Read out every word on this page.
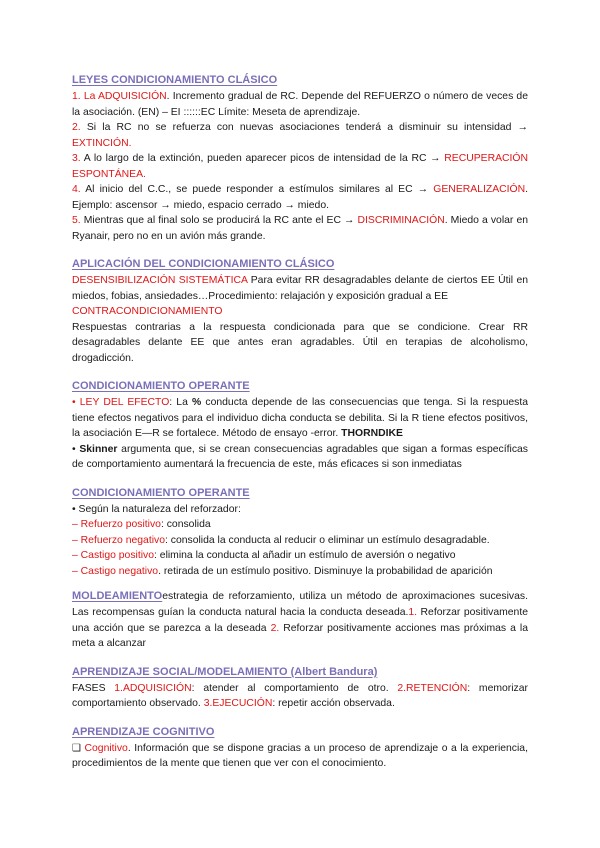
LEYES CONDICIONAMIENTO CLÁSICO

1. La ADQUISICIÓN. Incremento gradual de RC. Depende del REFUERZO o número de veces de la asociación. (EN) – EI ::::::EC Límite: Meseta de aprendizaje.

2. Si la RC no se refuerza con nuevas asociaciones tenderá a disminuir su intensidad → EXTINCIÓN.

3. A lo largo de la extinción, pueden aparecer picos de intensidad de la RC → RECUPERACIÓN ESPONTÁNEA.

4. Al inicio del C.C., se puede responder a estímulos similares al EC → GENERALIZACIÓN. Ejemplo: ascensor → miedo, espacio cerrado → miedo.

5. Mientras que al final solo se producirá la RC ante el EC → DISCRIMINACIÓN. Miedo a volar en Ryanair, pero no en un avión más grande.

APLICACIÓN DEL CONDICIONAMIENTO CLÁSICO

DESENSIBILIZACIÓN SISTEMÁTICA Para evitar RR desagradables delante de ciertos EE Útil en miedos, fobias, ansiedades…Procedimiento: relajación y exposición gradual a EE

CONTRACONDICIONAMIENTO

Respuestas contrarias a la respuesta condicionada para que se condicione. Crear RR desagradables delante EE que antes eran agradables. Útil en terapias de alcoholismo, drogadicción.

CONDICIONAMIENTO OPERANTE

• LEY DEL EFECTO: La % conducta depende de las consecuencias que tenga. Si la respuesta tiene efectos negativos para el individuo dicha conducta se debilita. Si la R tiene efectos positivos, la asociación E—R se fortalece. Método de ensayo -error. THORNDIKE

• Skinner argumenta que, si se crean consecuencias agradables que sigan a formas específicas de comportamiento aumentará la frecuencia de este, más eficaces si son inmediatas

CONDICIONAMIENTO OPERANTE

• Según la naturaleza del reforzador:

– Refuerzo positivo: consolida

– Refuerzo negativo: consolida la conducta al reducir o eliminar un estímulo desagradable.

– Castigo positivo: elimina la conducta al añadir un estímulo de aversión o negativo

– Castigo negativo. retirada de un estímulo positivo. Disminuye la probabilidad de aparición

MOLDEAMIENTOestrategia de reforzamiento, utiliza un método de aproximaciones sucesivas. Las recompensas guían la conducta natural hacia la conducta deseada.1. Reforzar positivamente una acción que se parezca a la deseada 2. Reforzar positivamente acciones mas próximas a la meta a alcanzar

APRENDIZAJE SOCIAL/MODELAMIENTO (Albert Bandura)

FASES 1.ADQUISICIÓN: atender al comportamiento de otro. 2.RETENCIÓN: memorizar comportamiento observado. 3.EJECUCIÓN: repetir acción observada.

APRENDIZAJE COGNITIVO

❑ Cognitivo. Información que se dispone gracias a un proceso de aprendizaje o a la experiencia, procedimientos de la mente que tienen que ver con el conocimiento.
